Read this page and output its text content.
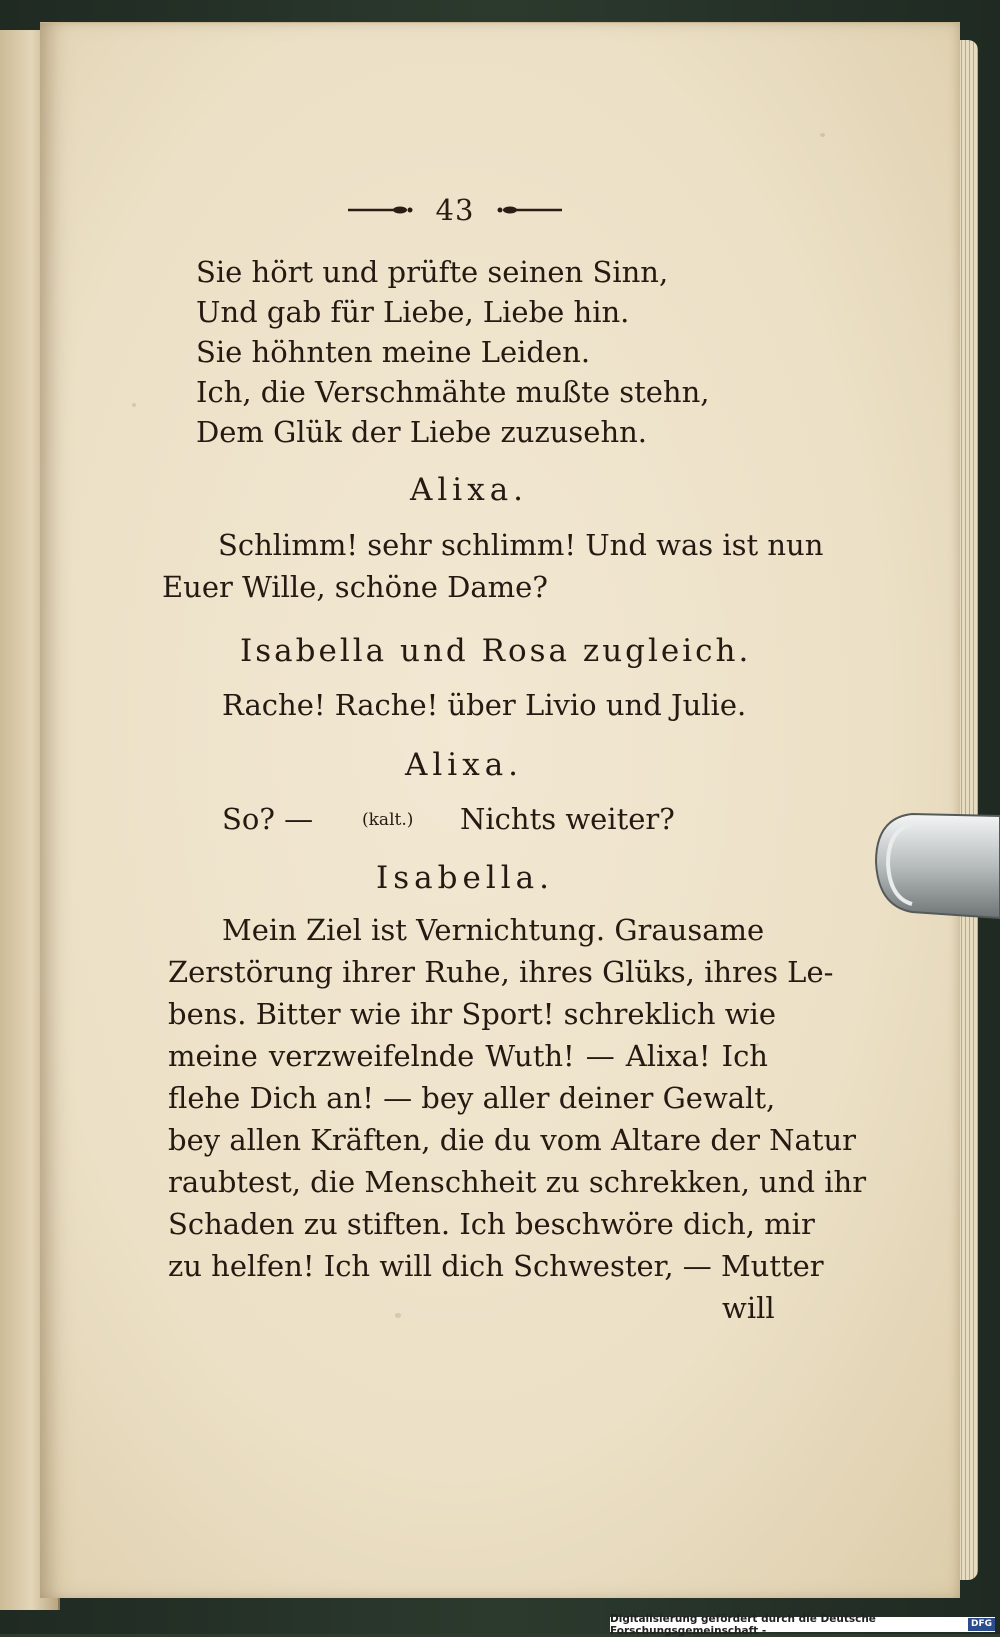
43
Sie hört und prüfte seinen Sinn,
Und gab für Liebe, Liebe hin.
Sie höhnten meine Leiden.
Ich, die Verschmähte mußte stehn,
Dem Glük der Liebe zuzusehn.
Alixa.
Schlimm! sehr schlimm! Und was ist nun
Euer Wille, schöne Dame?
Isabella und Rosa zugleich.
Rache! Rache! über Livio und Julie.
Alixa.
So? —	(kalt.) Nichts weiter?
Isabella.
Mein Ziel ist Vernichtung. Grausame
Zerstörung ihrer Ruhe, ihres Glüks, ihres Le-
bens. Bitter wie ihr Sport! schreklich wie
meine verzweifelnde Wuth! — Alixa! Ich
flehe Dich an! — bey aller deiner Gewalt,
bey allen Kräften, die du vom Altare der Natur
raubtest, die Menschheit zu schrekken, und ihr
Schaden zu stiften. Ich beschwöre dich, mir
zu helfen! Ich will dich Schwester, — Mutter
will
Digitalisierung gefördert durch die Deutsche Forschungsgemeinschaft -
DFG
